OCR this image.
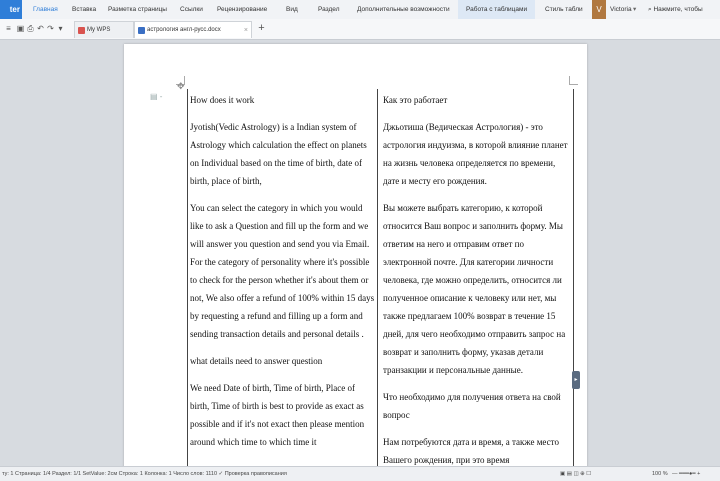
ter	Главная Вставка Разметка страницы Ссылки Рецензирование	Вид	Раздел	Дополнительные возможности	Работа с таблицами	Стиль табли	V	Victoria ▾ ⌕ Нажмите, чтобы
≡ ▣ ⎙ ↶ ↷ ▾	My WPS	астрология англ-русс.docx	× +
✥
▤ -	How does it work

Jyotish(Vedic Astrology) is a Indian system of Astrology which calculation the effect on planets on Individual based on the time of birth, date of birth, place of birth,

You can select the category in which you would like to ask a Question and fill up the form and we will answer you question and send you via Email. For the category of personality where it's possible to check for the person whether it's about them or not, We also offer a refund of 100% within 15 days by requesting a refund and filling up a form and sending transaction details and personal details .

what details need to answer question

We need Date of birth, Time of birth, Place of birth, Time of birth is best to provide as exact as possible and if it's not exact then please mention around which time to which time it

Как это работает

Джьотиша (Ведическая Астрология) - это астрология индуизма, в которой влияние планет на жизнь человека определяется по времени, дате и месту его рождения.

Вы можете выбрать категорию, к которой относится Ваш вопрос и заполнить форму. Мы ответим на него и отправим ответ по электронной почте. Для категории личности человека, где можно определить, относится ли полученное описание к человеку или нет, мы также предлагаем 100% возврат в течение 15 дней, для чего необходимо отправить запрос на возврат и заполнить форму, указав детали транзакции и персональные данные.

Что необходимо для получения ответа на свой вопрос

Нам потребуются дата и время, а также место Вашего рождения, при это время

▸
ту: 1 Страница: 1/4 Раздел: 1/1 SetValue: 2см Строка: 1 Колонка: 1 Число слов: 1110 ✓ Проверка правописания	▣ ▤ ◫ ⊕ ☐	100 % — ━━━●━ +
